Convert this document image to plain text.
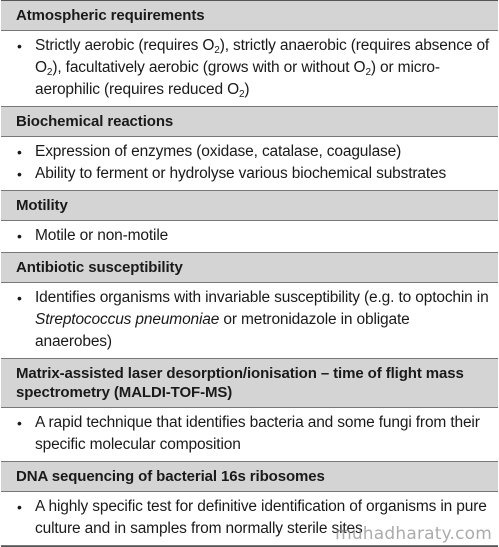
Atmospheric requirements
• Strictly aerobic (requires $O_2$), strictly anaerobic (requires absence of $O_2$), facultatively aerobic (grows with or without $O_2$) or micro-aerophilic (requires reduced $O_2$)
Biochemical reactions
• Expression of enzymes (oxidase, catalase, coagulase)
• Ability to ferment or hydrolyse various biochemical substrates
Motility
• Motile or non-motile
Antibiotic susceptibility
• Identifies organisms with invariable susceptibility (e.g. to optochin in Streptococcus pneumoniae or metronidazole in obligate anaerobes)
Matrix-assisted laser desorption/ionisation – time of flight mass spectrometry (MALDI-TOF-MS)
• A rapid technique that identifies bacteria and some fungi from their specific molecular composition
DNA sequencing of bacterial 16s ribosomes
• A highly specific test for definitive identification of organisms in pure culture and in samples from normally sterile sites
muhadharaty.com
